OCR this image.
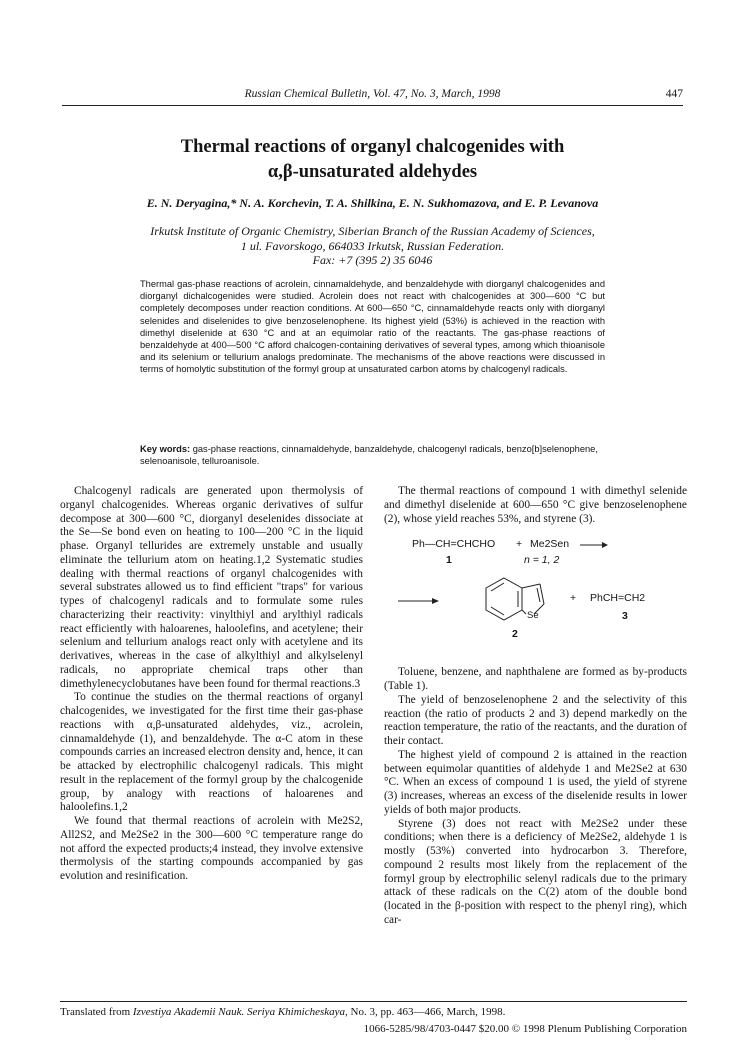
Russian Chemical Bulletin, Vol. 47, No. 3, March, 1998	447
Thermal reactions of organyl chalcogenides with
α,β-unsaturated aldehydes
E. N. Deryagina,* N. A. Korchevin, T. A. Shilkina, E. N. Sukhomazova, and E. P. Levanova
Irkutsk Institute of Organic Chemistry, Siberian Branch of the Russian Academy of Sciences,
1 ul. Favorskogo, 664033 Irkutsk, Russian Federation.
Fax: +7 (395 2) 35 6046
Thermal gas-phase reactions of acrolein, cinnamaldehyde, and benzaldehyde with diorganyl chalcogenides and diorganyl dichalcogenides were studied. Acrolein does not react with chalcogenides at 300—600 °C but completely decomposes under reaction conditions. At 600—650 °C, cinnamaldehyde reacts only with diorganyl selenides and diselenides to give benzoselenophene. Its highest yield (53%) is achieved in the reaction with dimethyl diselenide at 630 °C and at an equimolar ratio of the reactants. The gas-phase reactions of benzaldehyde at 400—500 °C afford chalcogen-containing derivatives of several types, among which thioanisole and its selenium or tellurium analogs predominate. The mechanisms of the above reactions were discussed in terms of homolytic substitution of the formyl group at unsaturated carbon atoms by chalcogenyl radicals.
Key words: gas-phase reactions, cinnamaldehyde, banzaldehyde, chalcogenyl radicals, benzo[b]selenophene, selenoanisole, telluroanisole.

Chalcogenyl radicals are generated upon thermolysis of organyl chalcogenides. Whereas organic derivatives of sulfur decompose at 300—600 °C, diorganyl deselenides dissociate at the Se—Se bond even on heating to 100—200 °C in the liquid phase. Organyl tellurides are extremely unstable and usually eliminate the tellurium atom on heating.1,2 Systematic studies dealing with thermal reactions of organyl chalcogenides with several substrates allowed us to find efficient "traps" for various types of chalcogenyl radicals and to formulate some rules characterizing their reactivity: vinylthiyl and arylthiyl radicals react efficiently with haloarenes, haloolefins, and acetylene; their selenium and tellurium analogs react only with acetylene and its derivatives, whereas in the case of alkylthiyl and alkylselenyl radicals, no appropriate chemical traps other than dimethylenecyclobutanes have been found for thermal reactions.3

To continue the studies on the thermal reactions of organyl chalcogenides, we investigated for the first time their gas-phase reactions with α,β-unsaturated aldehydes, viz., acrolein, cinnamaldehyde (1), and benzaldehyde. The α-C atom in these compounds carries an increased electron density and, hence, it can be attacked by electrophilic chalcogenyl radicals. This might result in the replacement of the formyl group by the chalcogenide group, by analogy with reactions of haloarenes and haloolefins.1,2

We found that thermal reactions of acrolein with Me2S2, All2S2, and Me2Se2 in the 300—600 °C temperature range do not afford the expected products;4 instead, they involve extensive thermolysis of the starting compounds accompanied by gas evolution and resinification.

The thermal reactions of compound 1 with dimethyl selenide and dimethyl diselenide at 600—650 °C give benzoselenophene (2), whose yield reaches 53%, and styrene (3).

Toluene, benzene, and naphthalene are formed as by-products (Table 1).

The yield of benzoselenophene 2 and the selectivity of this reaction (the ratio of products 2 and 3) depend markedly on the reaction temperature, the ratio of the reactants, and the duration of their contact.

The highest yield of compound 2 is attained in the reaction between equimolar quantities of aldehyde 1 and Me2Se2 at 630 °C. When an excess of compound 1 is used, the yield of styrene (3) increases, whereas an excess of the diselenide results in lower yields of both major products.

Styrene (3) does not react with Me2Se2 under these conditions; when there is a deficiency of Me2Se2, aldehyde 1 is mostly (53%) converted into hydrocarbon 3. Therefore, compound 2 results most likely from the replacement of the formyl group by electrophilic selenyl radicals due to the primary attack of these radicals on the C(2) atom of the double bond (located in the β-position with respect to the phenyl ring), which car-

Ph—CH=CHCHO + Me2Sen →
1	n = 1, 2
Se
+ PhCH=CH2
2
3
Translated from Izvestiya Akademii Nauk. Seriya Khimicheskaya, No. 3, pp. 463—466, March, 1998.
1066-5285/98/4703-0447 $20.00 © 1998 Plenum Publishing Corporation
